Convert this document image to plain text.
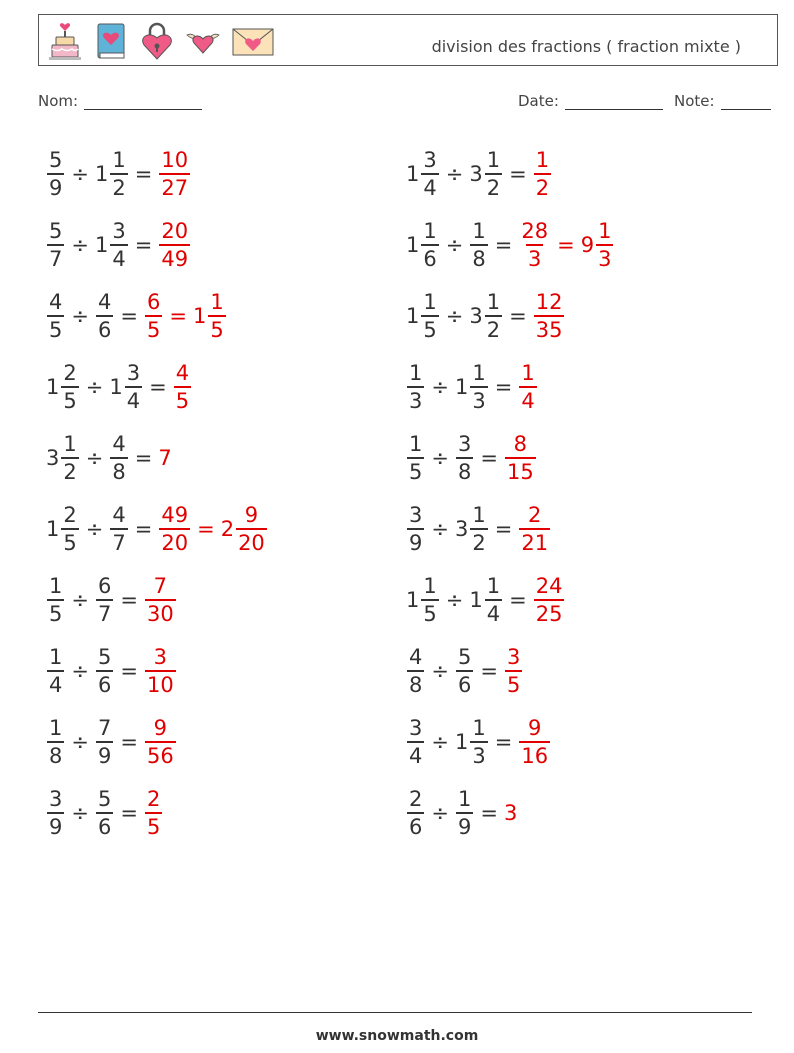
division des fractions ( fraction mixte )
Nom:	Date:	Note:
$\frac{5}{9} \div 1 \frac{1}{2} = \frac{10}{27}$	$1 \frac{3}{4} \div 3 \frac{1}{2} = \frac{1}{2}$
$\frac{5}{7} \div 1 \frac{3}{4} = \frac{20}{49}$	$1 \frac{1}{6} \div \frac{1}{8} = \frac{28}{3} = 9 \frac{1}{3}$
$\frac{4}{5} \div \frac{4}{6} = \frac{6}{5} = 1 \frac{1}{5}$	$1 \frac{1}{5} \div 3 \frac{1}{2} = \frac{12}{35}$
$1 \frac{2}{5} \div 1 \frac{3}{4} = \frac{4}{5}$	$\frac{1}{3} \div 1 \frac{1}{3} = \frac{1}{4}$
$3 \frac{1}{2} \div \frac{4}{8} = 7$	$\frac{1}{5} \div \frac{3}{8} = \frac{8}{15}$
$1 \frac{2}{5} \div \frac{4}{7} = \frac{49}{20} = 2 \frac{9}{20}$	$\frac{3}{9} \div 3 \frac{1}{2} = \frac{2}{21}$
$\frac{1}{5} \div \frac{6}{7} = \frac{7}{30}$	$1 \frac{1}{5} \div 1 \frac{1}{4} = \frac{24}{25}$
$\frac{1}{4} \div \frac{5}{6} = \frac{3}{10}$	$\frac{4}{8} \div \frac{5}{6} = \frac{3}{5}$
$\frac{1}{8} \div \frac{7}{9} = \frac{9}{56}$	$\frac{3}{4} \div 1 \frac{1}{3} = \frac{9}{16}$
$\frac{3}{9} \div \frac{5}{6} = \frac{2}{5}$	$\frac{2}{6} \div \frac{1}{9} = 3$
www.snowmath.com
